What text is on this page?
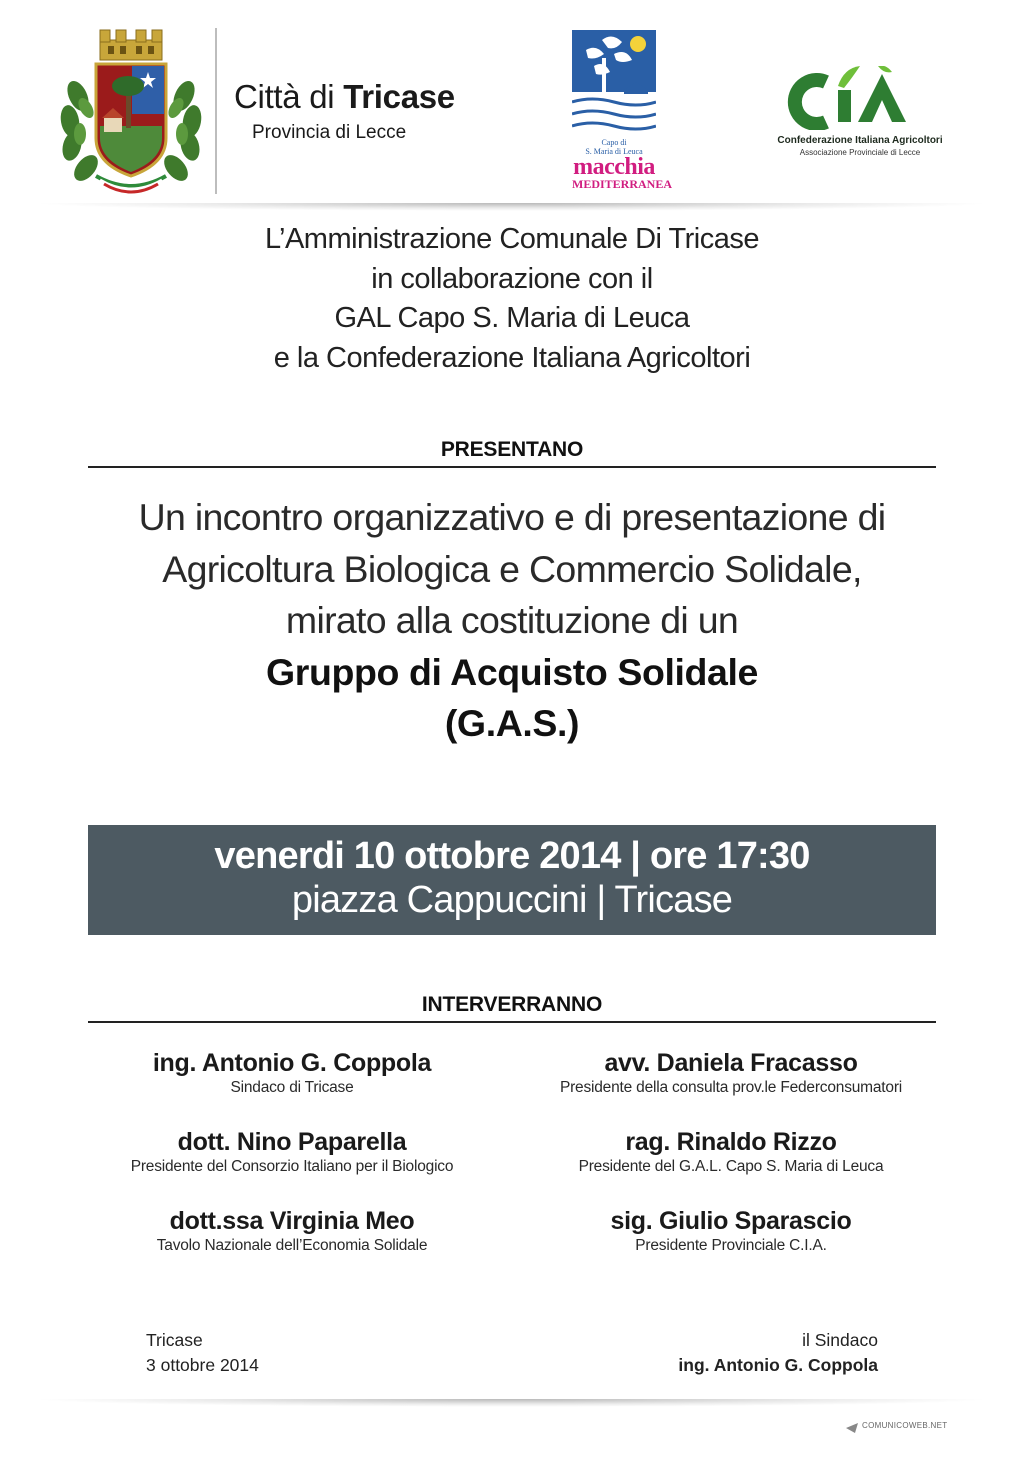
Città di Tricase
Provincia di Lecce	Capo di
S. Maria di Leuca
macchia
MEDITERRANEA
Confederazione Italiana Agricoltori
Associazione Provinciale di Lecce
L’Amministrazione Comunale Di Tricase
in collaborazione con il
GAL Capo S. Maria di Leuca
e la Confederazione Italiana Agricoltori
PRESENTANO
Un incontro organizzativo e di presentazione di
Agricoltura Biologica e Commercio Solidale,
mirato alla costituzione di un
Gruppo di Acquisto Solidale
(G.A.S.)
venerdi 10 ottobre 2014 | ore 17:30
piazza Cappuccini | Tricase
INTERVERRANNO
ing. Antonio G. Coppola
Sindaco di Tricase
avv. Daniela Fracasso
Presidente della consulta prov.le Federconsumatori
dott. Nino Paparella
Presidente del Consorzio Italiano per il Biologico
rag. Rinaldo Rizzo
Presidente del G.A.L. Capo S. Maria di Leuca
dott.ssa Virginia Meo
Tavolo Nazionale dell’Economia Solidale
sig. Giulio Sparascio
Presidente Provinciale C.I.A.
Tricase
3 ottobre 2014
il Sindaco
ing. Antonio G. Coppola
COMUNICOWEB.NET
